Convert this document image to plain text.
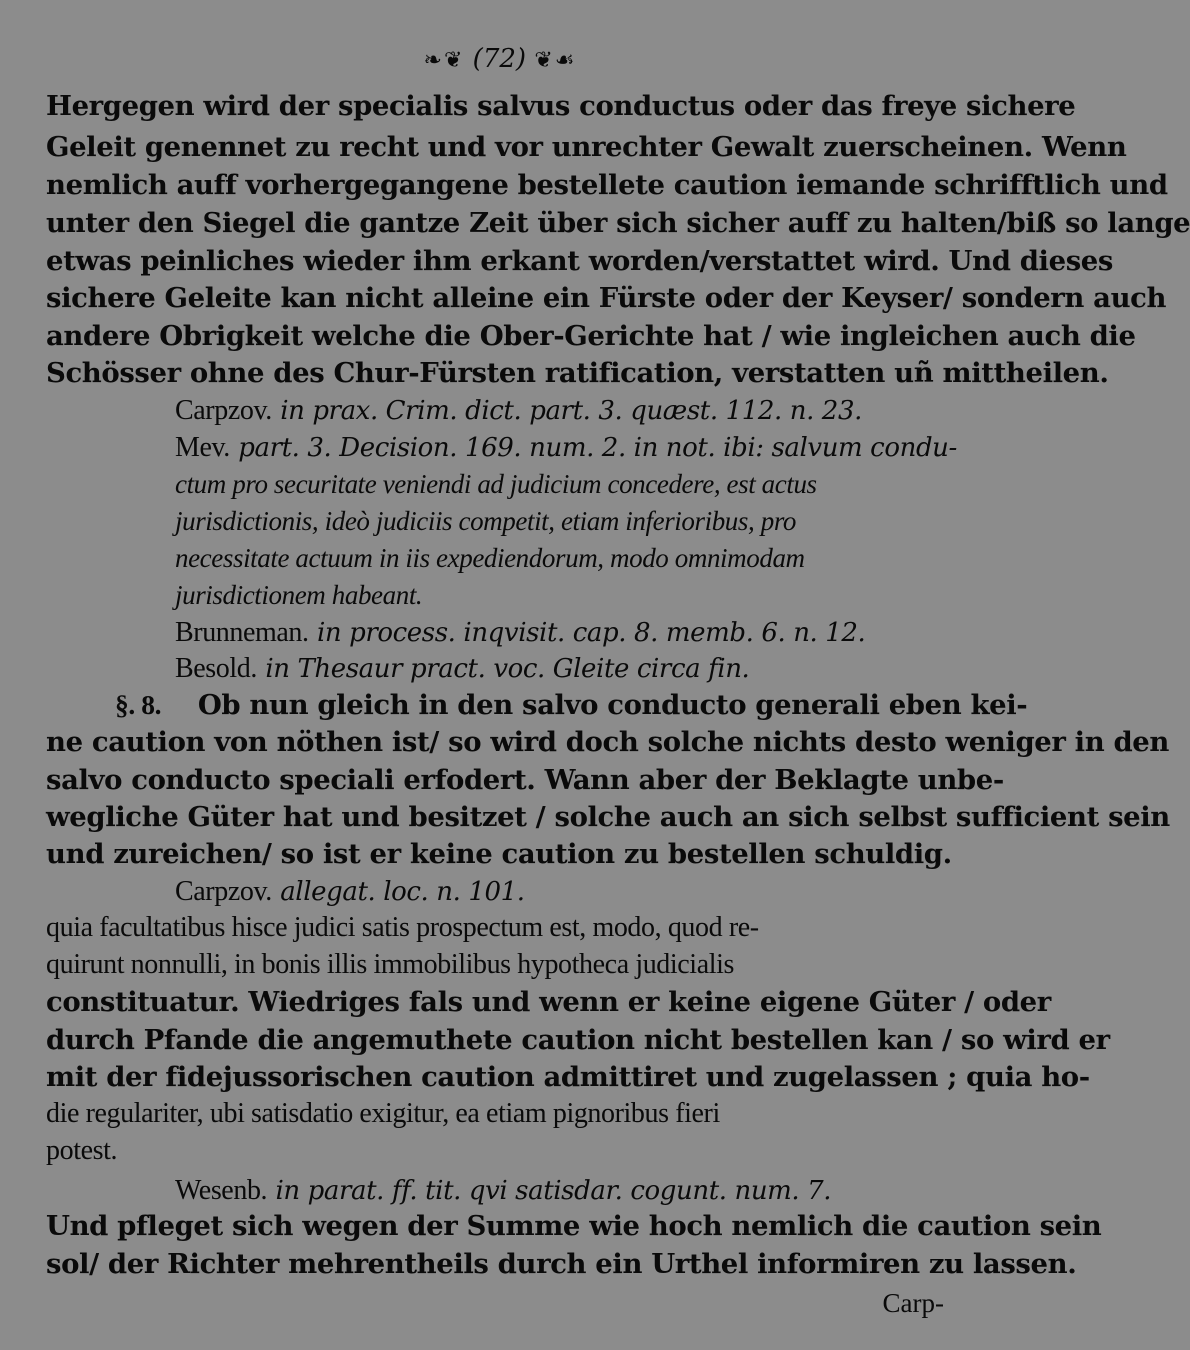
❧❦ (72) ❦☙
Hergegen wird der specialis salvus conductus oder das freye sichere
Geleit genennet zu recht und vor unrechter Gewalt zuerscheinen. Wenn
nemlich auff vorhergegangene bestellete caution iemande schrifftlich und
unter den Siegel die gantze Zeit über sich sicher auff zu halten/biß so lange
etwas peinliches wieder ihm erkant worden/verstattet wird. Und dieses
sichere Geleite kan nicht alleine ein Fürste oder der Keyser/ sondern auch
andere Obrigkeit welche die Ober-Gerichte hat / wie ingleichen auch die
Schösser ohne des Chur-Fürsten ratification, verstatten uñ mittheilen.
Carpzov. in prax. Crim. dict. part. 3. quæst. 112. n. 23.
Mev. part. 3. Decision. 169. num. 2. in not. ibi: salvum condu-
ctum pro securitate veniendi ad judicium concedere, est actus
jurisdictionis, ideò judiciis competit, etiam inferioribus, pro
necessitate actuum in iis expediendorum, modo omnimodam
jurisdictionem habeant.
Brunneman. in process. inqvisit. cap. 8. memb. 6. n. 12.
Besold. in Thesaur pract. voc. Gleite circa fin.
§. 8. Ob nun gleich in den salvo conducto generali eben kei-
ne caution von nöthen ist/ so wird doch solche nichts desto weniger in den
salvo conducto speciali erfodert. Wann aber der Beklagte unbe-
wegliche Güter hat und besitzet / solche auch an sich selbst sufficient sein
und zureichen/ so ist er keine caution zu bestellen schuldig.
Carpzov. allegat. loc. n. 101.
quia facultatibus hisce judici satis prospectum est, modo, quod re-
quirunt nonnulli, in bonis illis immobilibus hypotheca judicialis
constituatur. Wiedriges fals und wenn er keine eigene Güter / oder
durch Pfande die angemuthete caution nicht bestellen kan / so wird er
mit der fidejussorischen caution admittiret und zugelassen ; quia ho-
die regulariter, ubi satisdatio exigitur, ea etiam pignoribus fieri
potest.
Wesenb. in parat. ff. tit. qvi satisdar. cogunt. num. 7.
Und pfleget sich wegen der Summe wie hoch nemlich die caution sein
sol/ der Richter mehrentheils durch ein Urthel informiren zu lassen.
Carp-
